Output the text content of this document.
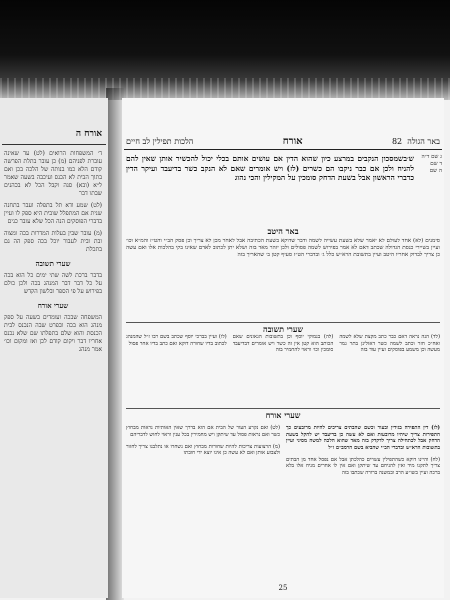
אורח ה

ד׳ המשפחות הרואים (לט) עד שאינה עוברת לפניהם (מ) כן עובר בתלת הפרשה קודם הלא כמו בנותה של הלכה בכן ואם בתוך הבית לא הכנס ועיכבה בשעה שאמר ל״א (ובא) סנה וקבל הכל לא בכהנים שבתו דבר

(לט) שמע ודא תל בתפלה ועבר בתחנה שנית אם המתפלל שובית היא ספק לו ועיין בדברי הפוסקים הנה הכל שלא עובר כנים

(מ) עובר שבין בעלות המדרות בכה ומצוה ובת ובית לעבור יוכל בכה ספק הה גם בתכלת

שערי תשובה

בדבר ברכת לשה שתי ימים כל הוא בכה על כל דבר דבר המנהג בכה ולכן כולם בפירוש על פי הספר ובלשון הקדש

שערי אורח

המשפחה שבכה ועומדים בשעה על ספק מנהג הוא בכה ובפרט שבה הנכנס לבית הכנסת והוא שלם בתפלתו שם שלא נכנס אחריו דבר ויקום קודם לכן ואז ומקום וכו׳ אמר מנהג

באר הגולה  82
אורח
הלכות תפילין לב חיים
ג שם ד״ה
ד שם
ה שם
ש׳בשמסכון הנקבים במרצע כיון שהוא הדין אם עושים אותם בכלי יכול להכשיר אותן שאין להם להניח ולכן אם כבר ניקבו הם כשרים (לז) ויש אומרים שאם לא הנקב כשר בדיעבד ועיקר הדין כדברי הראשון אבל בשעת הדחק סומכין על המקילין והכי נהוג
באר היטב

סימנים (לא) אחד לעולם לא יאמר שלא בשעת עשייה לשמה ודבר שדוקא בשעת הכתיבה אבל לאחר מכן לא צריך וכן פסק הב״י והט״ז והמ״א וכו׳ ועיין בשיירי כנסת הגדולה שכתב דאם לא אמר בפירוש לשמה פסולים ולכן יזהר מאד בזה ושלא יתן לכתוב לאדם שאינו בקי בהלכות אלו ואם עשה כן צריך לבדוק אחריו היטב ועיין בתשובת הרא״ש כלל ג׳ ובדברי הט״ז סעיף קטן ב׳ שהאריך בזה

שערי תשובה
(לד) הנה נראה דאם כבר כתב מקצת שלא לשמה ואח״כ חזר וכתב לשמה כשר דאזלינן בתר גמר מעשה וכן משמע בפוסקים ועיין עוד בזה
(לה) בנמוקי יוסף וכן בתשובות הגאונים שאם הכותב הוא קטן אין זה כשר ויש אומרים דבדיעבד סומכין וכו׳ וראוי להחמיר בזה
(לו) ועיין בברכי יוסף שכתב בשם רבו ז״ל שהמנהג לכתוב בדיו שחורה דוקא ואם כתב בדיו אחר פסול
שערי אורח

(לז) דין התפירה בגידין ובעור וכשם שהבתים צריכים להיות מרובעים כך התפירות צריך שיהיו מרובעות ואם לא עשה כן בדיעבד יש להקל בשעת הדחק אבל לכתחילה צריך לדקדק בזה מאד שהוא הלכה למשה מסיני ועיין בתשובות הרא״ש ובדברי הב״י שהביא בשם הרמב״ם ז״ל

(לח) והיינו דוקא כשהתפילין עשויים כהלכתן אבל אם נפסל אחד מן הבתים צריך לתקנו מיד ואין להניחם עד שיתקן ואם אין לו אחרים מניח אלו בלא ברכה ועיין בשו״ע הרב ובמשנה ברורה שכתבו בזה

(לט) ואם נקרע העור של הבית אם הוא בדרך שאין האותיות נראות מבחוץ כשר ואם נראות פסול עד שיתקן ויש מחמירין בכל ענין וראוי לחוש לדבריהם

(מ) הרצועות צריכות להיות שחורות מבחוץ ואם נשחרו או נתלבנו צריך לחזור ולצבוע אותן ואם לא עשה כן אינו יוצא ידי חובתו

25
